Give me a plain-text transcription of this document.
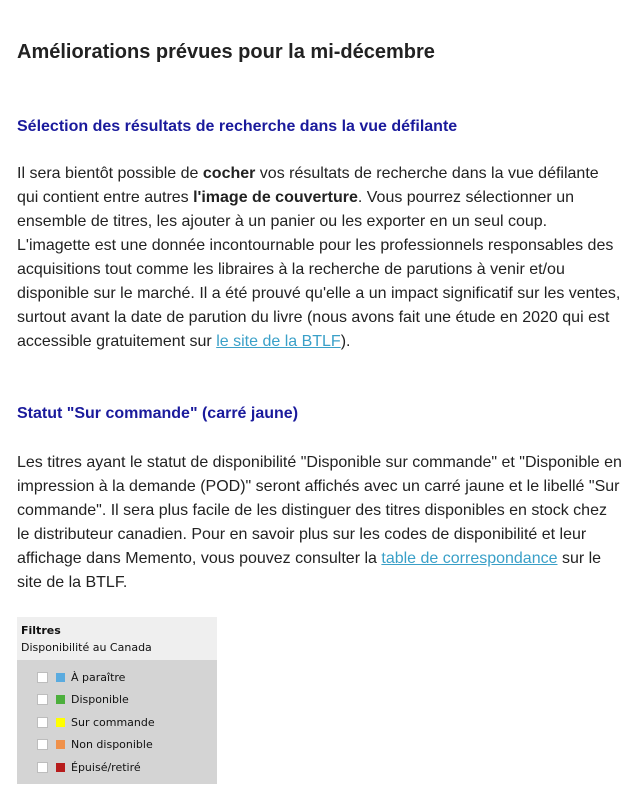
Améliorations prévues pour la mi-décembre
Sélection des résultats de recherche dans la vue défilante

Il sera bientôt possible de cocher vos résultats de recherche dans la vue défilante qui contient entre autres l'image de couverture. Vous pourrez sélectionner un ensemble de titres, les ajouter à un panier ou les exporter en un seul coup. L'imagette est une donnée incontournable pour les professionnels responsables des acquisitions tout comme les libraires à la recherche de parutions à venir et/ou disponible sur le marché. Il a été prouvé qu'elle a un impact significatif sur les ventes, surtout avant la date de parution du livre (nous avons fait une étude en 2020 qui est accessible gratuitement sur le site de la BTLF).

Statut "Sur commande" (carré jaune)

Les titres ayant le statut de disponibilité "Disponible sur commande" et "Disponible en impression à la demande (POD)" seront affichés avec un carré jaune et le libellé "Sur commande". Il sera plus facile de les distinguer des titres disponibles en stock chez le distributeur canadien. Pour en savoir plus sur les codes de disponibilité et leur affichage dans Memento, vous pouvez consulter la table de correspondance sur le site de la BTLF.

Filtres
Disponibilité au Canada
À paraître
Disponible
Sur commande
Non disponible
Épuisé/retiré
